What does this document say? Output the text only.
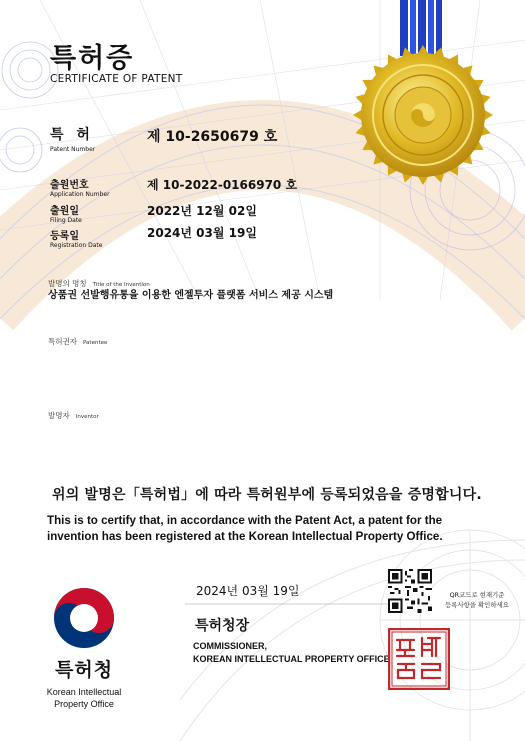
특허증
CERTIFICATE OF PATENT
특 허
Patent Number
제 10-2650679 호
출원번호
Application Number
제 10-2022-0166970 호
출원일
Filing Date
2022년 12월 02일
등록일
Registration Date
2024년 03월 19일
발명의 명칭 Title of the Invention
상품권 선발행유통을 이용한 엔젤투자 플랫폼 서비스 제공 시스템
특허권자 Patentee
발명자 Inventor
위의 발명은「특허법」에 따라 특허원부에 등록되었음을 증명합니다.
This is to certify that, in accordance with the Patent Act, a patent for the invention has been registered at the Korean Intellectual Property Office.
2024년 03월 19일
특허청장
COMMISSIONER,
KOREAN INTELLECTUAL PROPERTY OFFICE
특허청
Korean Intellectual
Property Office
QR코드로 현재기준
등록사항을 확인하세요
